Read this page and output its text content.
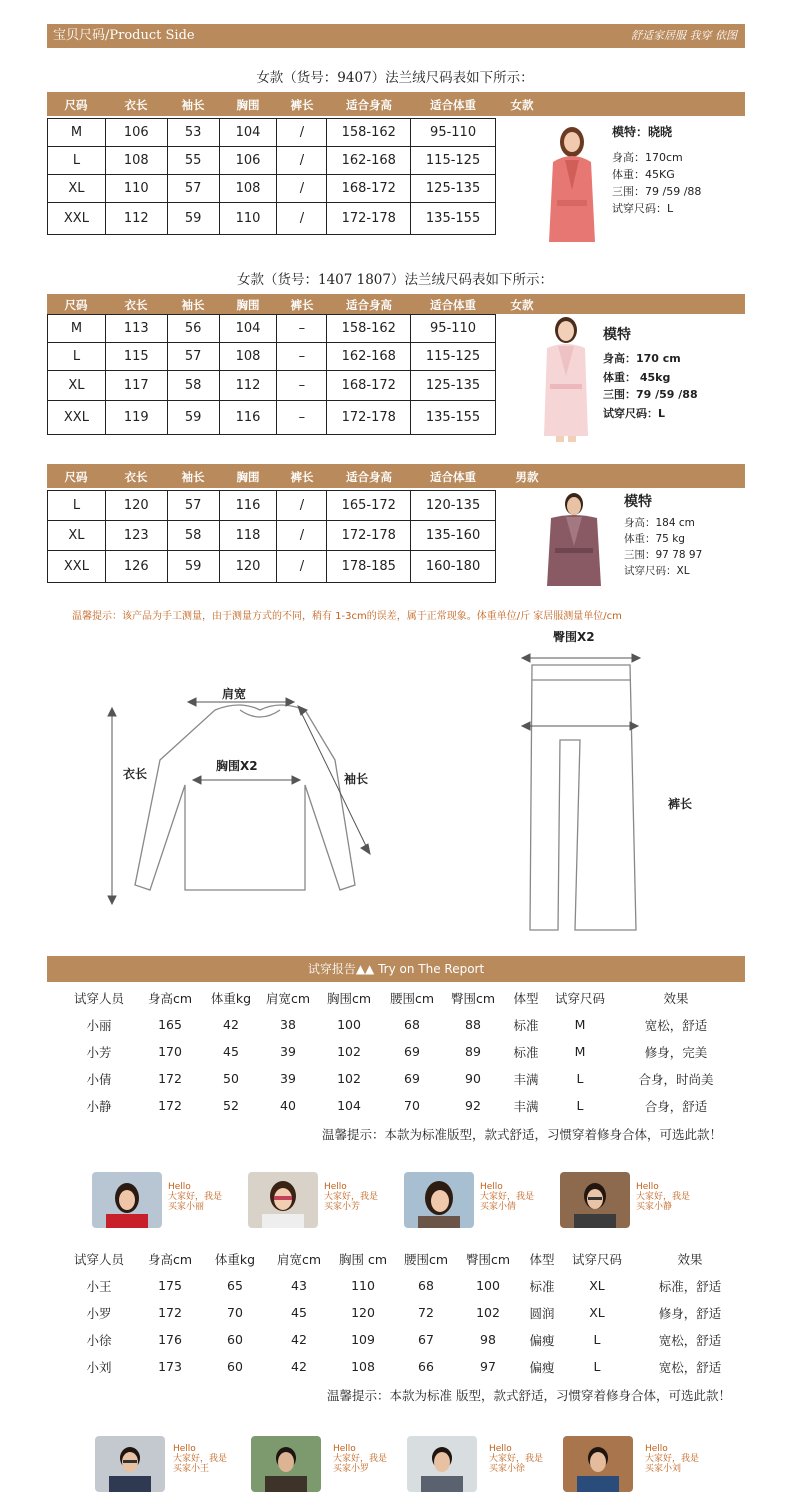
宝贝尺码/Product Side	舒适家居服 我穿 依图
女款（货号：9407）法兰绒尺码表如下所示：
尺码	衣长	袖长	胸围	裤长	适合身高	适合体重	女款
M	106	53	104	/	158-162	95-110
L	108	55	106	/	162-168	115-125
XL	110	57	108	/	168-172	125-135
XXL	112	59	110	/	172-178	135-155
模特：晓晓
身高：170cm
体重：45KG
三围：79 /59 /88
试穿尺码：L
女款（货号：1407 1807）法兰绒尺码表如下所示：
尺码	衣长	袖长	胸围	裤长	适合身高	适合体重	女款
M	113	56	104	–	158-162	95-110
L	115	57	108	–	162-168	115-125
XL	117	58	112	–	168-172	125-135
XXL	119	59	116	–	172-178	135-155
模特
身高：170 cm
体重： 45kg
三围：79 /59 /88
试穿尺码：L
尺码	衣长	袖长	胸围	裤长	适合身高	适合体重	男款
L	120	57	116	/	165-172	120-135
XL	123	58	118	/	172-178	135-160
XXL	126	59	120	/	178-185	160-180
模特
身高：184 cm
体重：75 kg
三围：97 78 97
试穿尺码：XL
温馨提示：该产品为手工测量，由于测量方式的不同，稍有 1-3cm的误差，属于正常现象。体重单位/斤 家居服测量单位/cm
肩宽
衣长
胸围X2
袖长
臀围X2
裤长
试穿报告▲▲ Try on The Report
试穿人员	身高cm	体重kg	肩宽cm	胸围cm	腰围cm	臀围cm	体型	试穿尺码	效果
小丽	165	42	38	100	68	88	标准	M	宽松，舒适
小芳	170	45	39	102	69	89	标准	M	修身，完美
小倩	172	50	39	102	69	90	丰满	L	合身，时尚美
小静	172	52	40	104	70	92	丰满	L	合身，舒适
温馨提示：本款为标准版型，款式舒适，习惯穿着修身合体，可选此款！
Hello
大家好，我是
买家小丽
Hello
大家好，我是
买家小芳
Hello
大家好，我是
买家小倩
Hello
大家好，我是
买家小静
试穿人员	身高cm	体重kg	肩宽cm	胸围 cm	腰围cm	臀围cm	体型	试穿尺码	效果
小王	175	65	43	110	68	100	标准	XL	标准，舒适
小罗	172	70	45	120	72	102	圆润	XL	修身，舒适
小徐	176	60	42	109	67	98	偏瘦	L	宽松，舒适
小刘	173	60	42	108	66	97	偏瘦	L	宽松，舒适
温馨提示：本款为标准 版型，款式舒适，习惯穿着修身合体，可选此款！
Hello
大家好，我是
买家小王
Hello
大家好，我是
买家小罗
Hello
大家好，我是
买家小徐
Hello
大家好，我是
买家小刘
